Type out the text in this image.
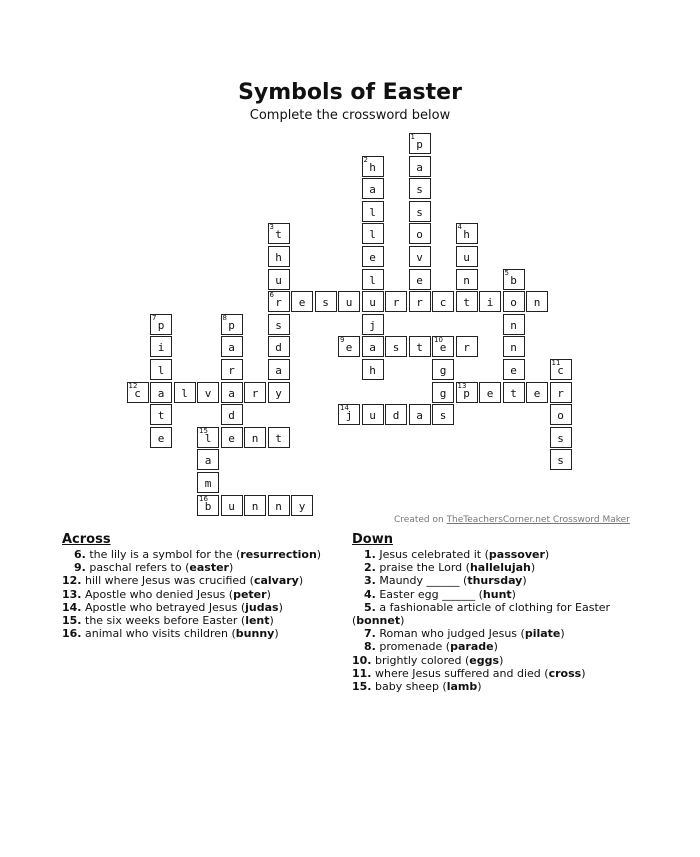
Symbols of Easter
Complete the crossword below
p
1
a
s
s
o
v
e
r
h
2
a
l
l
e
l
u
j
a
h
t
3
h
u
r
6
s
d
a
y
h
4
u
n
t
b
5
o
n
n
e
t
e	s	u	r	c	i	n
p
7
i
l
a
t
e
p
8
a
r
a
d
e
e
9
s	t	e
10
r
g
g
s
c
11
r
o
s
s
c
12
l	v	r	p
13
e	e
j
14
u	d	a
l
15
n	t
a
m
b
16
u	n	n	y
Created on TheTeachersCorner.net Crossword Maker
Across
6. the lily is a symbol for the (resurrection)
9. paschal refers to (easter)
12. hill where Jesus was crucified (calvary)
13. Apostle who denied Jesus (peter)
14. Apostle who betrayed Jesus (judas)
15. the six weeks before Easter (lent)
16. animal who visits children (bunny)
Down
1. Jesus celebrated it (passover)
2. praise the Lord (hallelujah)
3. Maundy ______ (thursday)
4. Easter egg ______ (hunt)
5. a fashionable article of clothing for Easter (bonnet)
7. Roman who judged Jesus (pilate)
8. promenade (parade)
10. brightly colored (eggs)
11. where Jesus suffered and died (cross)
15. baby sheep (lamb)
